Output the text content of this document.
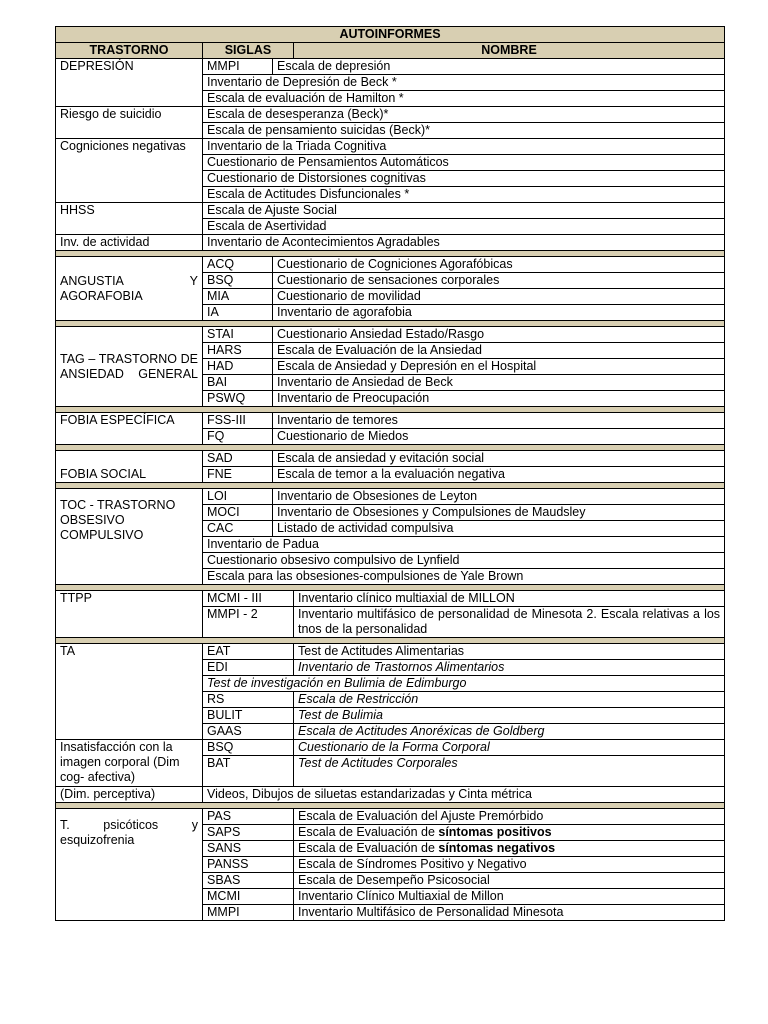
AUTOINFORMES			
TRASTORNO	SIGLAS		NOMBRE
DEPRESIÓN	MMPI	Escala de depresión	
	Inventario de Depresión de Beck *		
	Escala de evaluación de Hamilton *		
Riesgo de suicidio	Escala de desesperanza (Beck)*		
	Escala de pensamiento suicidas (Beck)*		
Cogniciones negativas	Inventario de la Triada Cognitiva		
	Cuestionario de Pensamientos Automáticos		
	Cuestionario de Distorsiones cognitivas		
	Escala de Actitudes Disfuncionales *		
HHSS	Escala de Ajuste Social		
	Escala de Asertividad		
Inv. de actividad	Inventario de Acontecimientos Agradables		

ANGUSTIA Y AGORAFOBIA	ACQ	Cuestionario de Cogniciones Agorafóbicas	
	BSQ	Cuestionario de sensaciones corporales	
	MIA	Cuestionario de movilidad	
	IA	Inventario de agorafobia	

TAG – TRASTORNO DE ANSIEDAD GENERAL	STAI	Cuestionario Ansiedad Estado/Rasgo	
	HARS	Escala de Evaluación de la Ansiedad	
	HAD	Escala de Ansiedad y Depresión en el Hospital	
	BAI	Inventario de Ansiedad de Beck	
	PSWQ	Inventario de Preocupación	

FOBIA ESPECÍFICA	FSS-III	Inventario de temores	
	FQ	Cuestionario de Miedos	

FOBIA SOCIAL	SAD	Escala de ansiedad y evitación social	
	FNE	Escala de temor a la evaluación negativa	

TOC - TRASTORNO OBSESIVO COMPULSIVO	LOI	Inventario de Obsesiones de Leyton	
	MOCI	Inventario de Obsesiones y Compulsiones de Maudsley	
	CAC	Listado de actividad compulsiva	
	Inventario de Padua		
	Cuestionario obsesivo compulsivo de Lynfield		
	Escala para las obsesiones-compulsiones de Yale Brown		

TTPP	MCMI - III		Inventario clínico multiaxial de MILLON
	MMPI - 2		Inventario multifásico de personalidad de Minesota 2. Escala relativas a los tnos de la personalidad

TA	EAT		Test de Actitudes Alimentarias
	EDI		Inventario de Trastornos Alimentarios
	Test de investigación en Bulimia de Edimburgo		
	RS		Escala de Restricción
	BULIT		Test de Bulimia
	GAAS		Escala de Actitudes Anoréxicas de Goldberg
Insatisfacción con la imagen corporal (Dim cog- afectiva)	BSQ		Cuestionario de la Forma Corporal
	BAT		Test de Actitudes Corporales
(Dim. perceptiva)	Videos, Dibujos de siluetas estandarizadas y Cinta métrica		

T. psicóticos y esquizofrenia	PAS		Escala de Evaluación del Ajuste Premórbido
	SAPS		Escala de Evaluación de síntomas positivos
	SANS		Escala de Evaluación de síntomas negativos
	PANSS		Escala de Síndromes Positivo y Negativo
	SBAS		Escala de Desempeño Psicosocial
	MCMI		Inventario Clínico Multiaxial de Millon
	MMPI		Inventario Multifásico de Personalidad Minesota
